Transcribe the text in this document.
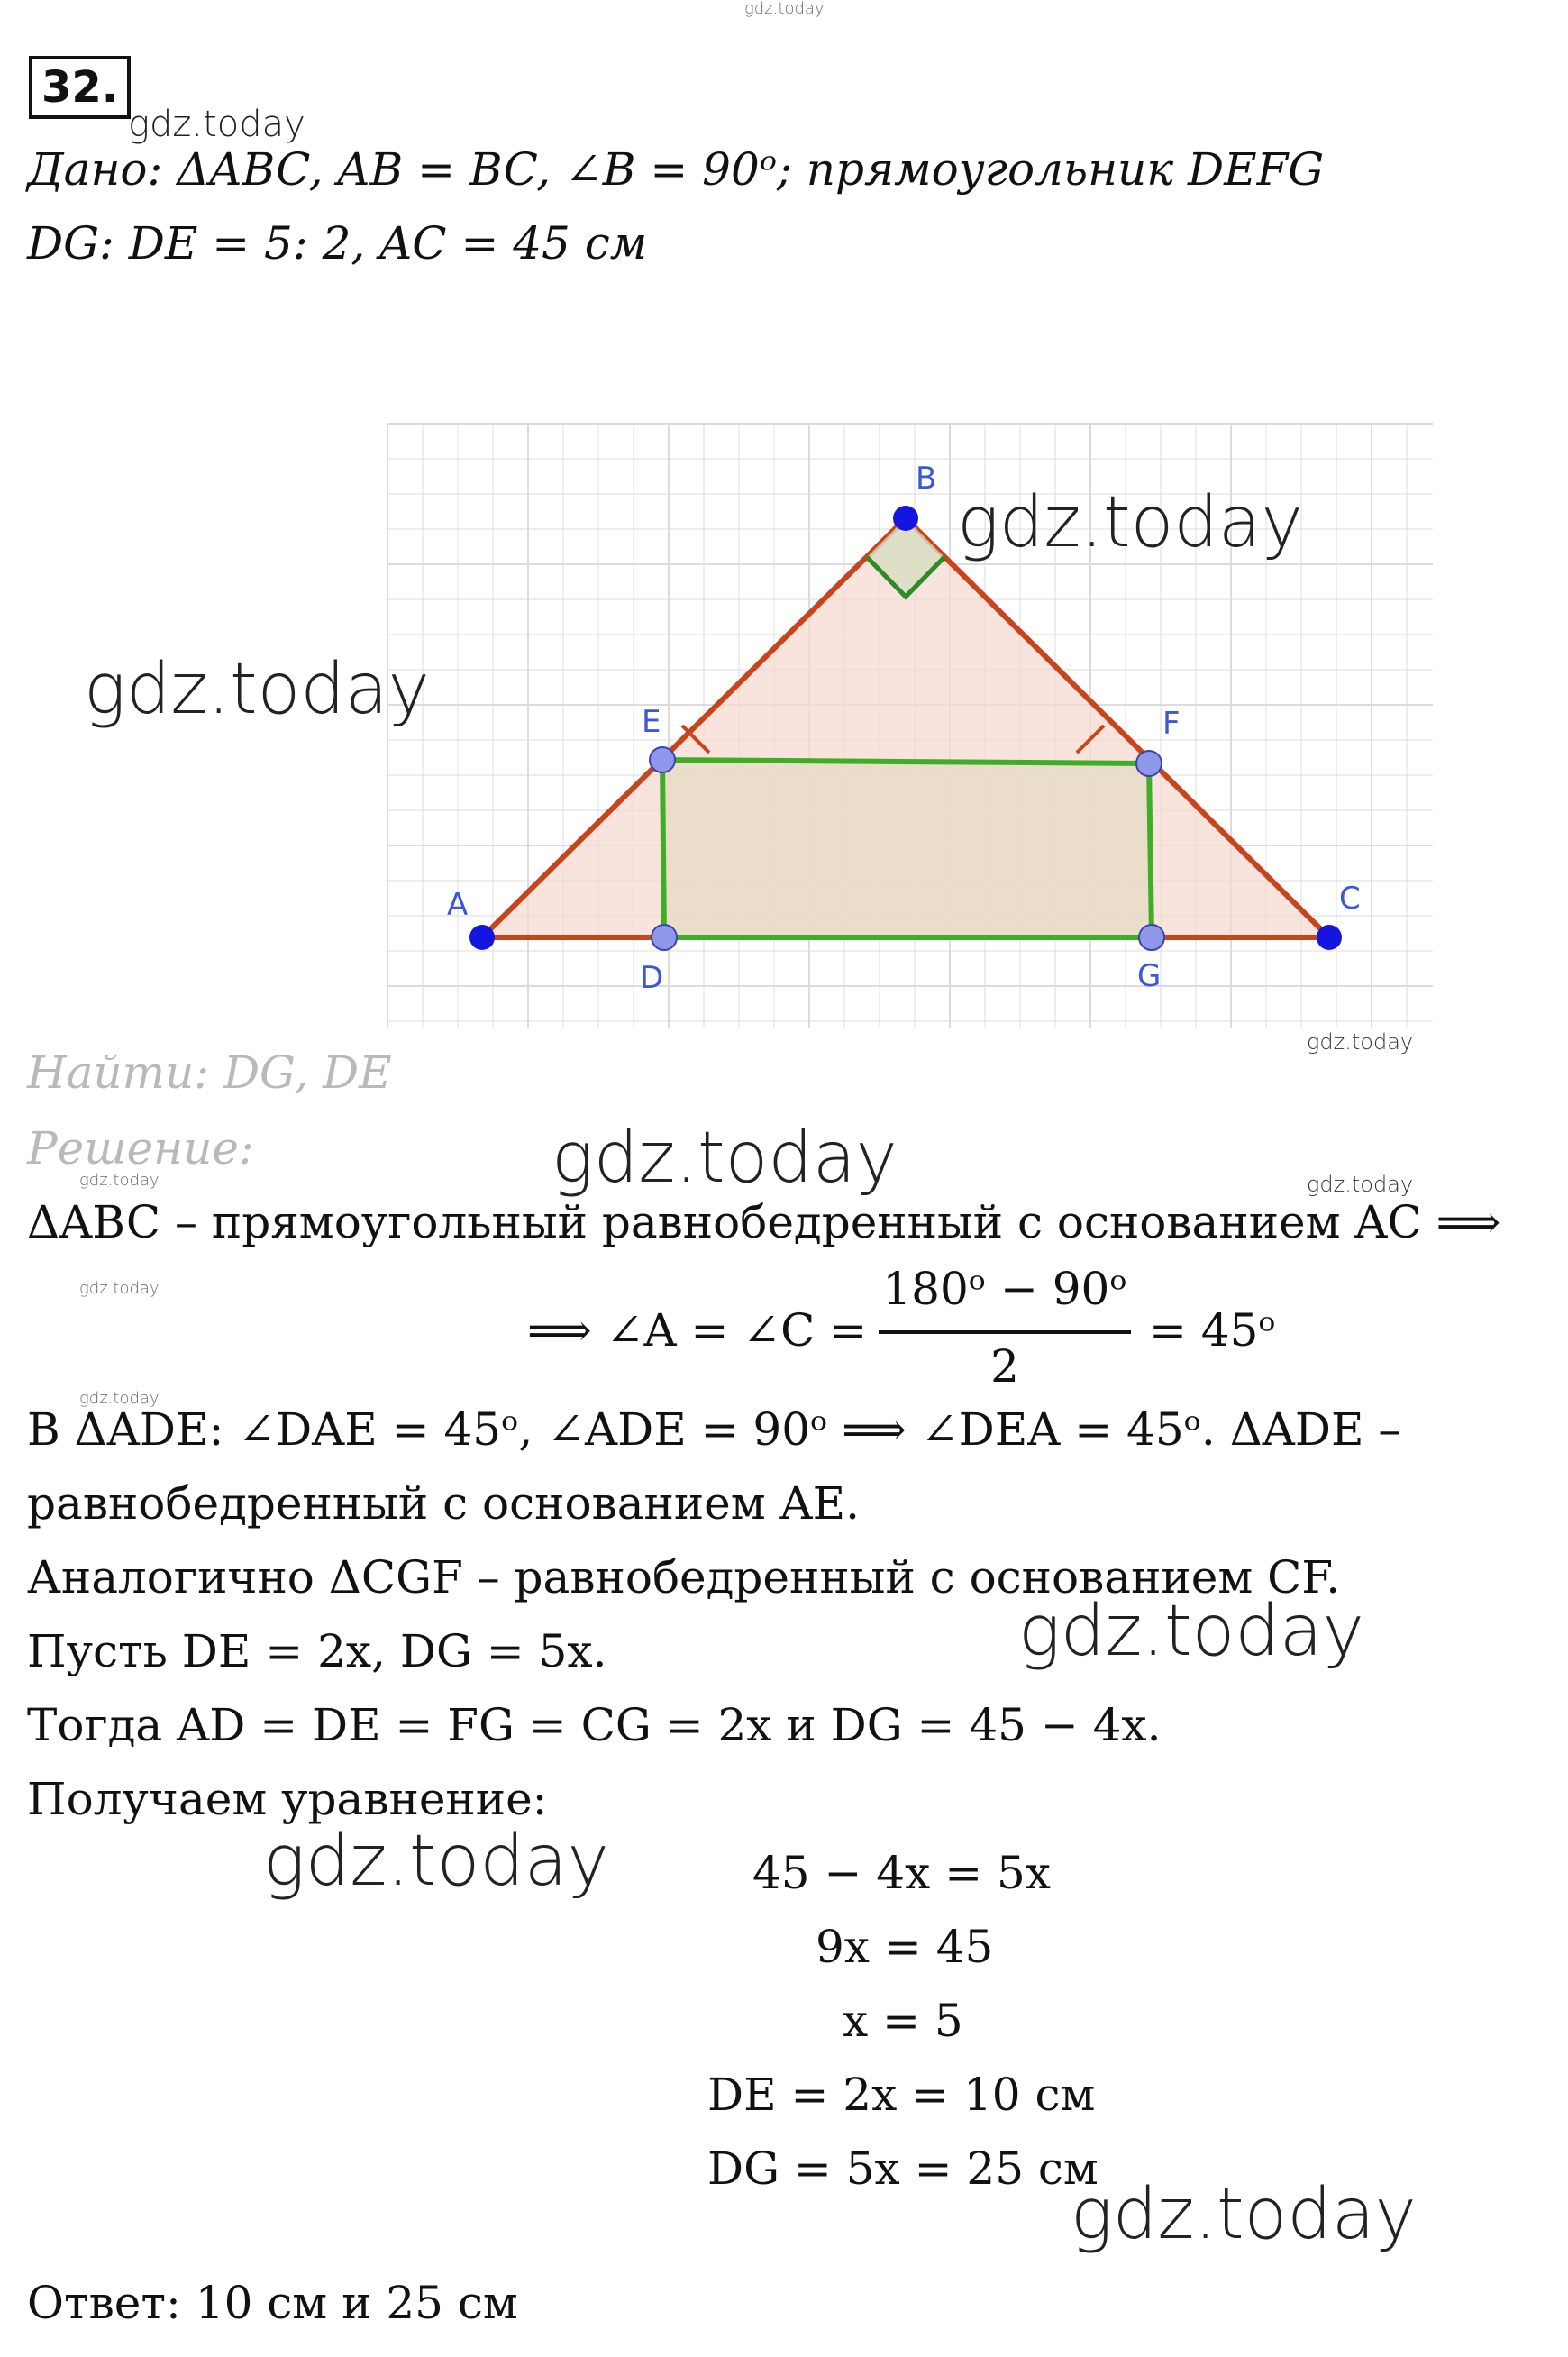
gdz.today
32.
gdz.today
Дано: ΔABC, AB = BC, ∠B = 90ᵒ; прямоугольник DEFG
DG: DE = 5: 2, AC = 45 см
A
B
C
D
E	F
G
gdz.today
gdz.today
gdz.today
Найти: DG, DE
Решение:	gdz.today	gdz.today
gdz.today
ΔABC – прямоугольный равнобедренный с основанием AC ⟹
gdz.today
⟹ ∠A = ∠C =
180ᵒ − 90ᵒ
2
= 45ᵒ
gdz.today
В ΔADE: ∠DAE = 45ᵒ, ∠ADE = 90ᵒ ⟹ ∠DEA = 45ᵒ. ΔADE –
равнобедренный с основанием AE.
Аналогично ΔCGF – равнобедренный с основанием CF.
Пусть DE = 2x, DG = 5x.	gdz.today
Тогда AD = DE = FG = CG = 2x и DG = 45 − 4x.
Получаем уравнение:
gdz.today	45 − 4x = 5x
9x = 45
x = 5
DE = 2x = 10 см
DG = 5x = 25 см
gdz.today
Ответ: 10 см и 25 см
